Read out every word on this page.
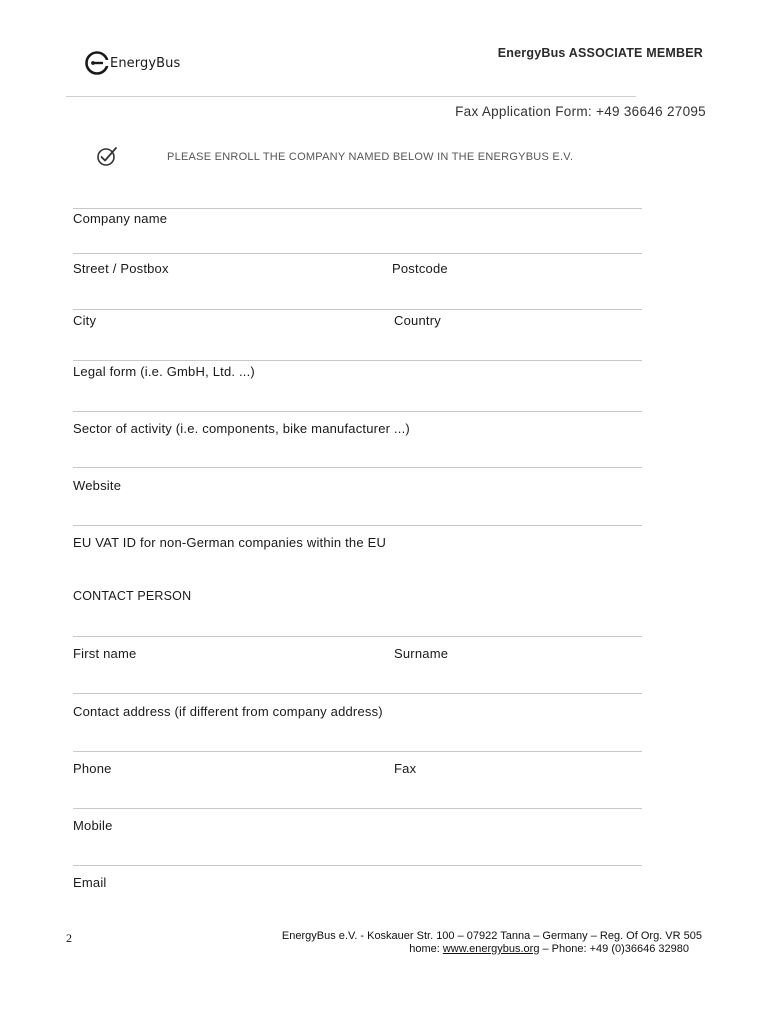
EnergyBus
EnergyBus ASSOCIATE MEMBER
Fax Application Form: +49 36646 27095
PLEASE ENROLL THE COMPANY NAMED BELOW IN THE ENERGYBUS E.V.
Company name
Street / Postbox	Postcode
City	Country
Legal form (i.e. GmbH, Ltd. ...)
Sector of activity (i.e. components, bike manufacturer ...)
Website
EU VAT ID for non-German companies within the EU
CONTACT PERSON
First name	Surname
Contact address (if different from company address)
Phone	Fax
Mobile
Email
2	EnergyBus e.V. - Koskauer Str. 100 – 07922 Tanna – Germany – Reg. Of Org. VR 505
home: www.energybus.org – Phone: +49 (0)36646 32980
